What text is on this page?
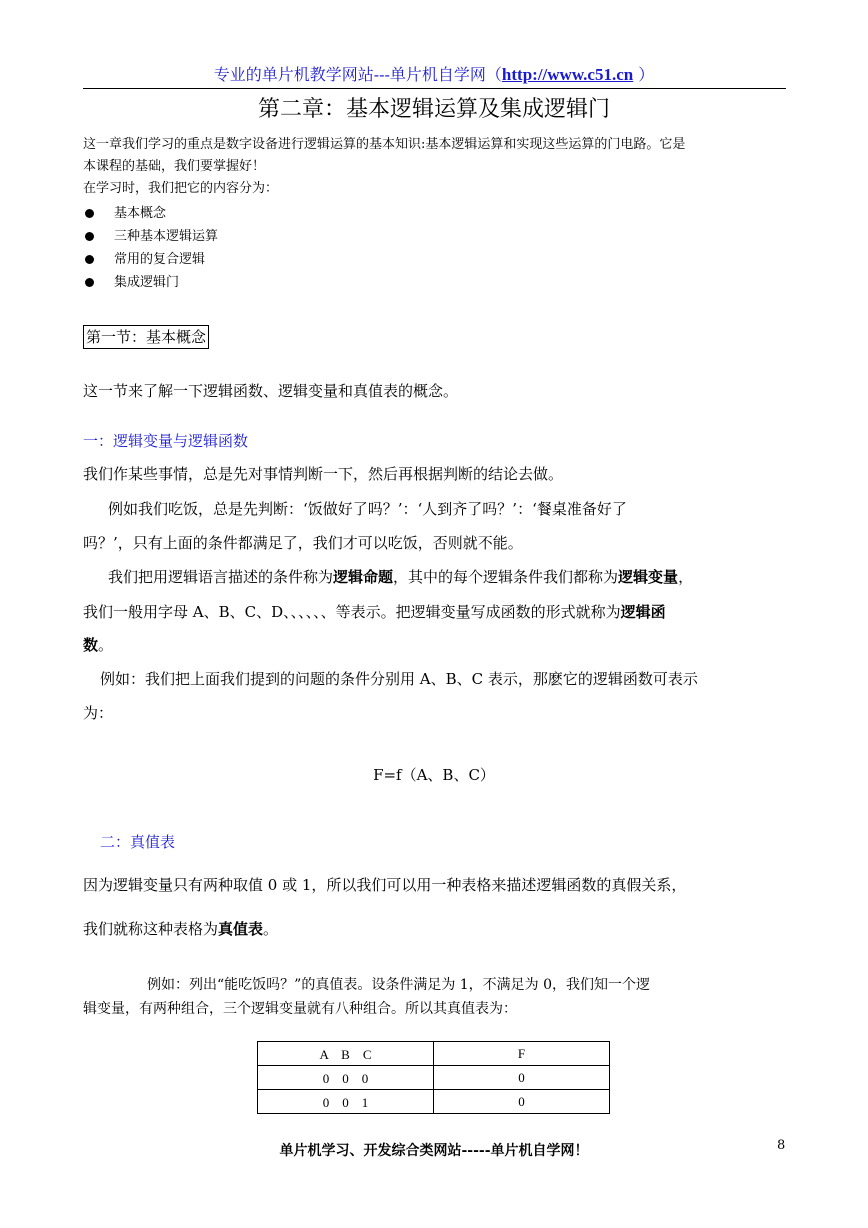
专业的单片机教学网站---单片机自学网（http://www.c51.cn ）
第二章：基本逻辑运算及集成逻辑门
这一章我们学习的重点是数字设备进行逻辑运算的基本知识:基本逻辑运算和实现这些运算的门电路。它是
本课程的基础，我们要掌握好！
在学习时，我们把它的内容分为：
基本概念
三种基本逻辑运算
常用的复合逻辑
集成逻辑门
第一节：基本概念
这一节来了解一下逻辑函数、逻辑变量和真值表的概念。
一：逻辑变量与逻辑函数
我们作某些事情，总是先对事情判断一下，然后再根据判断的结论去做。
例如我们吃饭，总是先判断：‘饭做好了吗？’：‘人到齐了吗？’：‘餐桌准备好了
吗？’，只有上面的条件都满足了，我们才可以吃饭，否则就不能。
我们把用逻辑语言描述的条件称为逻辑命题，其中的每个逻辑条件我们都称为逻辑变量，
我们一般用字母 A、B、C、D、、、、、、等表示。把逻辑变量写成函数的形式就称为逻辑函
数。
例如：我们把上面我们提到的问题的条件分别用 A、B、C 表示，那麽它的逻辑函数可表示
为：
F=f（A、B、C）
二：真值表
因为逻辑变量只有两种取值 0 或 1，所以我们可以用一种表格来描述逻辑函数的真假关系，
我们就称这种表格为真值表。
例如：列出“能吃饭吗？”的真值表。设条件满足为 1，不满足为 0，我们知一个逻
辑变量，有两种组合，三个逻辑变量就有八种组合。所以其真值表为：
A　B　C	F
0　0　0	0
0　0　1	0
单片机学习、开发综合类网站-----单片机自学网！	8
